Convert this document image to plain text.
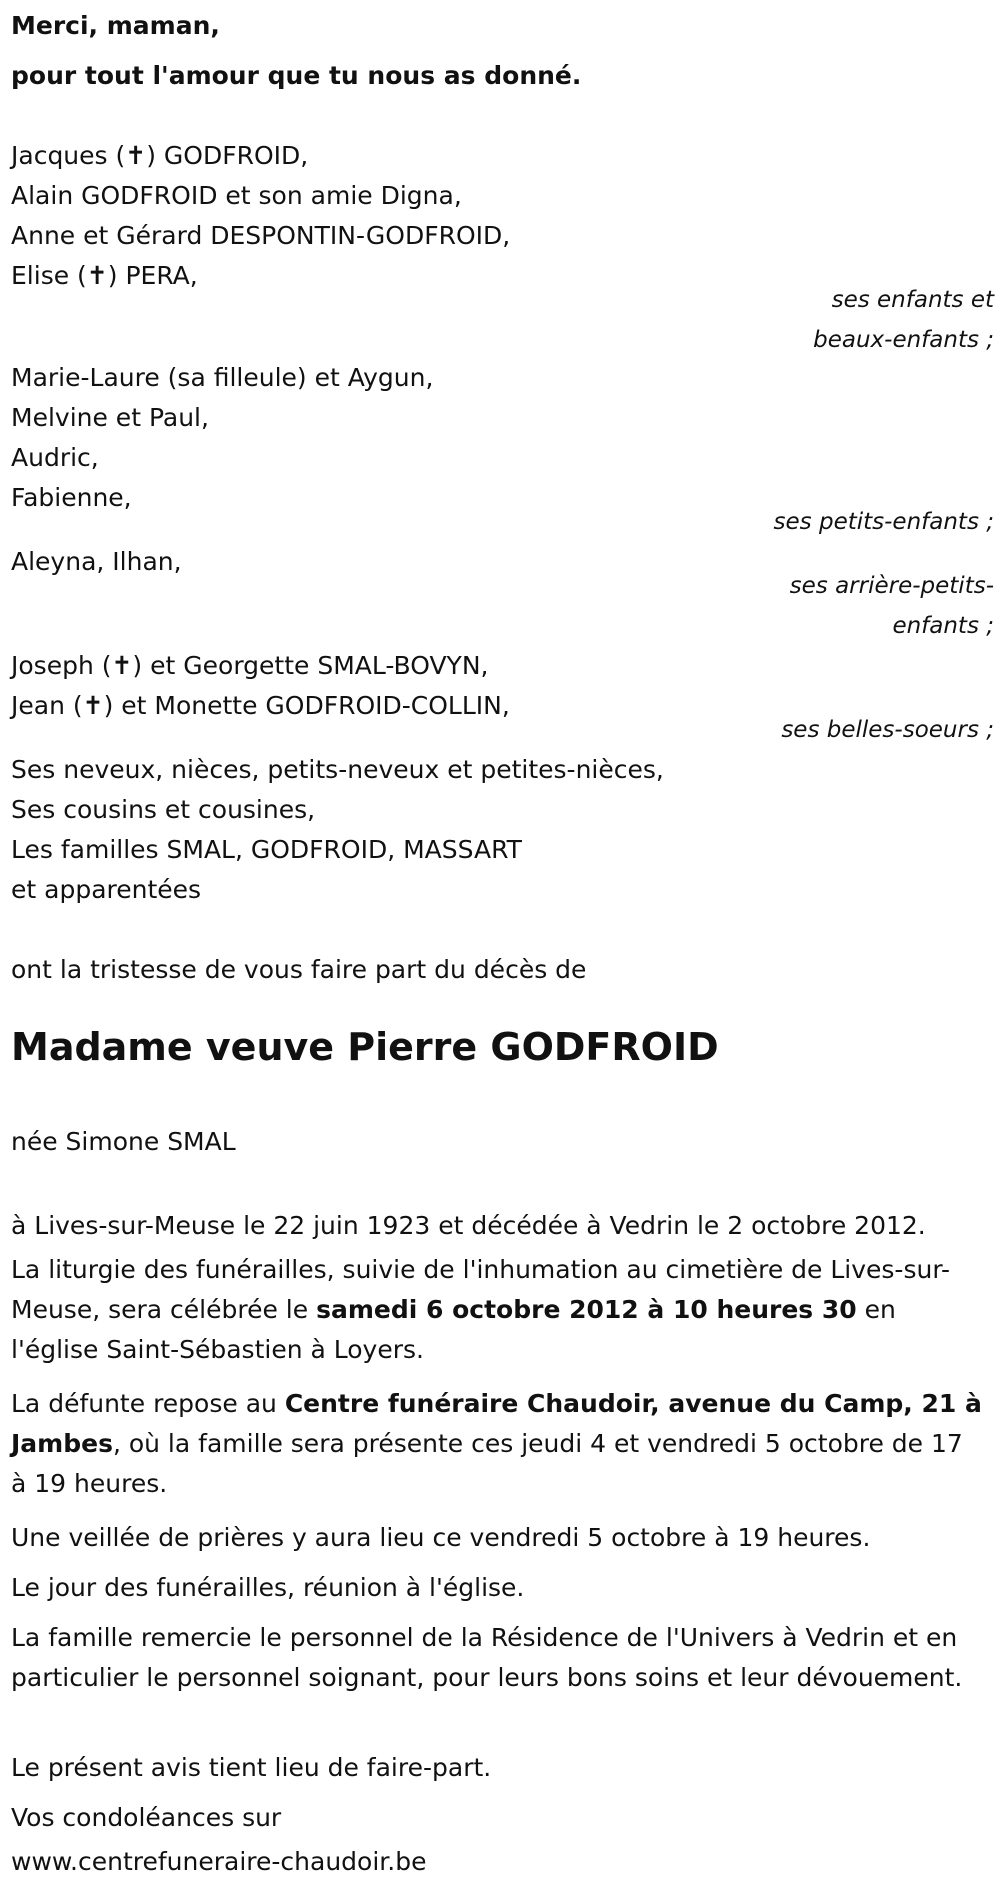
Merci, maman,
pour tout l'amour que tu nous as donné.
Jacques (✝) GODFROID,
Alain GODFROID et son amie Digna,
Anne et Gérard DESPONTIN-GODFROID,
Elise (✝) PERA,
ses enfants et
beaux-enfants ;
Marie-Laure (sa filleule) et Aygun,
Melvine et Paul,
Audric,
Fabienne,
ses petits-enfants ;
Aleyna, Ilhan,
ses arrière-petits-
enfants ;
Joseph (✝) et Georgette SMAL-BOVYN,
Jean (✝) et Monette GODFROID-COLLIN,
ses belles-soeurs ;
Ses neveux, nièces, petits-neveux et petites-nièces,
Ses cousins et cousines,
Les familles SMAL, GODFROID, MASSART
et apparentées
ont la tristesse de vous faire part du décès de
Madame veuve Pierre GODFROID
née Simone SMAL
à Lives-sur-Meuse le 22 juin 1923 et décédée à Vedrin le 2 octobre 2012.
La liturgie des funérailles, suivie de l'inhumation au cimetière de Lives-sur-Meuse, sera célébrée le samedi 6 octobre 2012 à 10 heures 30 en l'église Saint-Sébastien à Loyers.
La défunte repose au Centre funéraire Chaudoir, avenue du Camp, 21 à Jambes, où la famille sera présente ces jeudi 4 et vendredi 5 octobre de 17 à 19 heures.
Une veillée de prières y aura lieu ce vendredi 5 octobre à 19 heures.
Le jour des funérailles, réunion à l'église.
La famille remercie le personnel de la Résidence de l'Univers à Vedrin et en particulier le personnel soignant, pour leurs bons soins et leur dévouement.
Le présent avis tient lieu de faire-part.
Vos condoléances sur
www.centrefuneraire-chaudoir.be
